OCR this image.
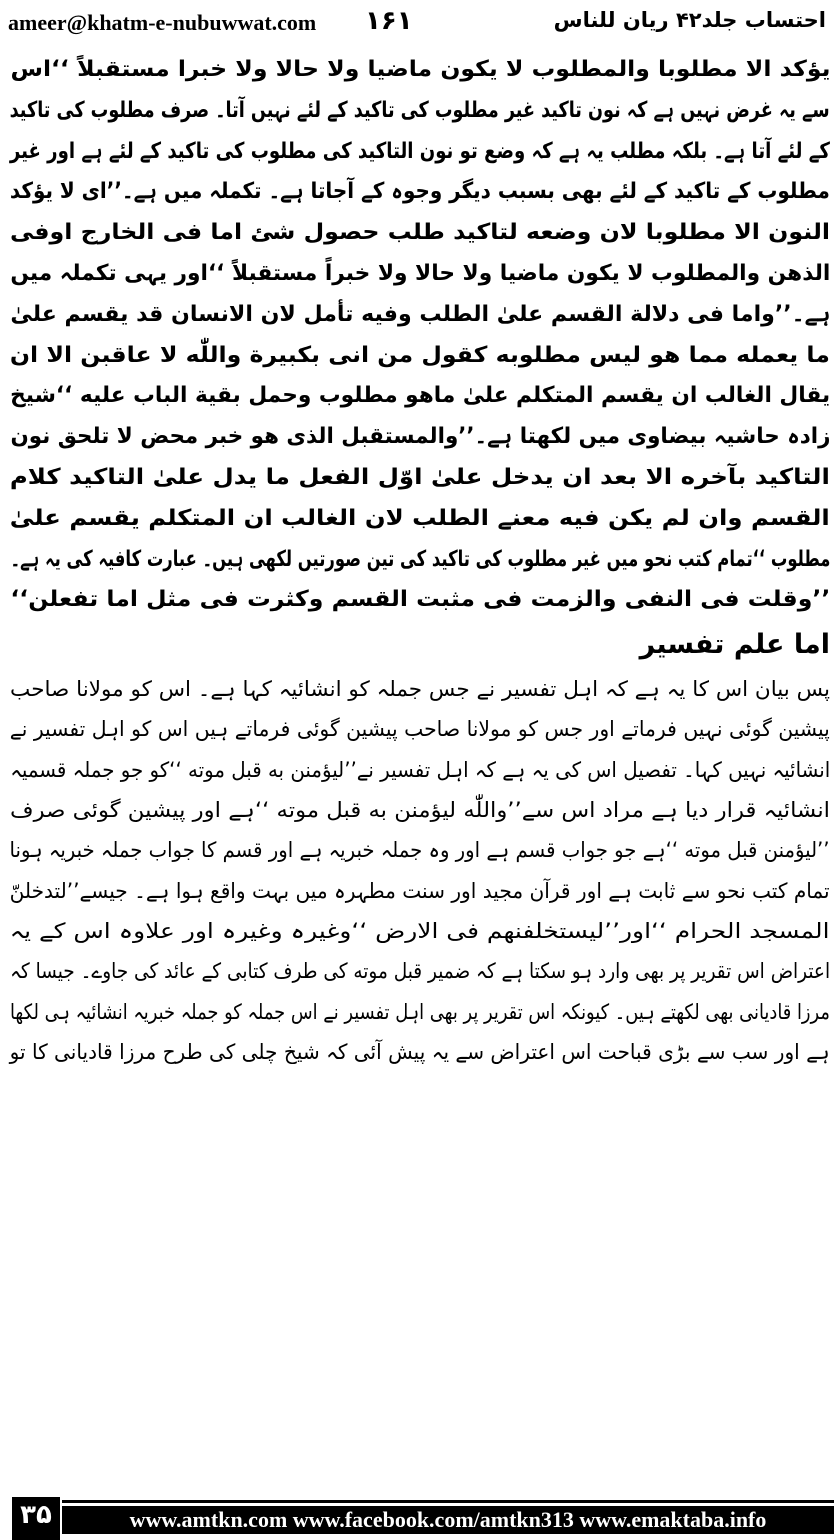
ameer@khatm-e-nubuwwat.com ۱۶۱	احتساب جلد۴۲ ریان للناس
یؤکد الا مطلوبا والمطلوب لا یکون ماضیا ولا حالا ولا خبرا مستقبلاً ‘‘اس
سے یہ غرض نہیں ہے کہ نون تاکید غیر مطلوب کی تاکید کے لئے نہیں آتا۔ صرف مطلوب کی تاکید
کے لئے آتا ہے۔ بلکہ مطلب یہ ہے کہ وضع تو نون التاکید کی مطلوب کی تاکید کے لئے ہے اور غیر
مطلوب کے تاکید کے لئے بھی بسبب دیگر وجوہ کے آجاتا ہے۔ تکملہ میں ہے۔’’ای لا یؤکد
النون الا مطلوبا لان وضعه لتاکید طلب حصول شئ اما فی الخارج اوفی
الذهن والمطلوب لا یکون ماضیا ولا حالا ولا خبراً مستقبلاً ‘‘اور یہی تکملہ میں
ہے۔’’واما فی دلالة القسم علیٰ الطلب وفیه تأمل لان الانسان قد یقسم علیٰ
ما یعمله مما هو لیس مطلوبه کقول من انی بکبیرة واللّٰه لا عاقبن الا ان
یقال الغالب ان یقسم المتکلم علیٰ ماهو مطلوب وحمل بقیة الباب علیه ‘‘شیخ
زادہ حاشیہ بیضاوی میں لکھتا ہے۔’’والمستقبل الذی هو خبر محض لا تلحق نون
التاکید بآخره الا بعد ان یدخل علیٰ اوّل الفعل ما یدل علیٰ التاکید کلام
القسم وان لم یکن فیه معنے الطلب لان الغالب ان المتکلم یقسم علیٰ
مطلوب ‘‘تمام کتب نحو میں غیر مطلوب کی تاکید کی تین صورتیں لکھی ہیں۔ عبارت کافیہ کی یہ ہے۔
’’وقلت فی النفی والزمت فی مثبت القسم وکثرت فی مثل اما تفعلن‘‘
اما علم تفسیر
پس بیان اس کا یہ ہے کہ اہل تفسیر نے جس جملہ کو انشائیہ کہا ہے۔ اس کو مولانا صاحب
پیشین گوئی نہیں فرماتے اور جس کو مولانا صاحب پیشین گوئی فرماتے ہیں اس کو اہل تفسیر نے
انشائیہ نہیں کہا۔ تفصیل اس کی یہ ہے کہ اہل تفسیر نے’’لیؤمنن به قبل موته ‘‘کو جو جملہ قسمیہ
انشائیہ قرار دیا ہے مراد اس سے’’واللّٰه لیؤمنن به قبل موته ‘‘ہے اور پیشین گوئی صرف
’’لیؤمنن قبل موته ‘‘ہے جو جواب قسم ہے اور وہ جملہ خبریہ ہے اور قسم کا جواب جملہ خبریہ ہونا
تمام کتب نحو سے ثابت ہے اور قرآن مجید اور سنت مطہرہ میں بہت واقع ہوا ہے۔ جیسے’’لتدخلنّ
المسجد الحرام ‘‘اور’’لیستخلفنهم فی الارض ‘‘وغیرہ وغیرہ اور علاوہ اس کے یہ
اعتراض اس تقریر پر بھی وارد ہو سکتا ہے کہ ضمیر قبل موته کی طرف کتابی کے عائد کی جاوے۔ جیسا کہ
مرزا قادیانی بھی لکھتے ہیں۔ کیونکہ اس تقریر پر بھی اہل تفسیر نے اس جملہ کو جملہ خبریہ انشائیہ ہی لکھا
ہے اور سب سے بڑی قباحت اس اعتراض سے یہ پیش آئی کہ شیخ چلی کی طرح مرزا قادیانی کا تو
۳۵	www.amtkn.com www.facebook.com/amtkn313 www.emaktaba.info
